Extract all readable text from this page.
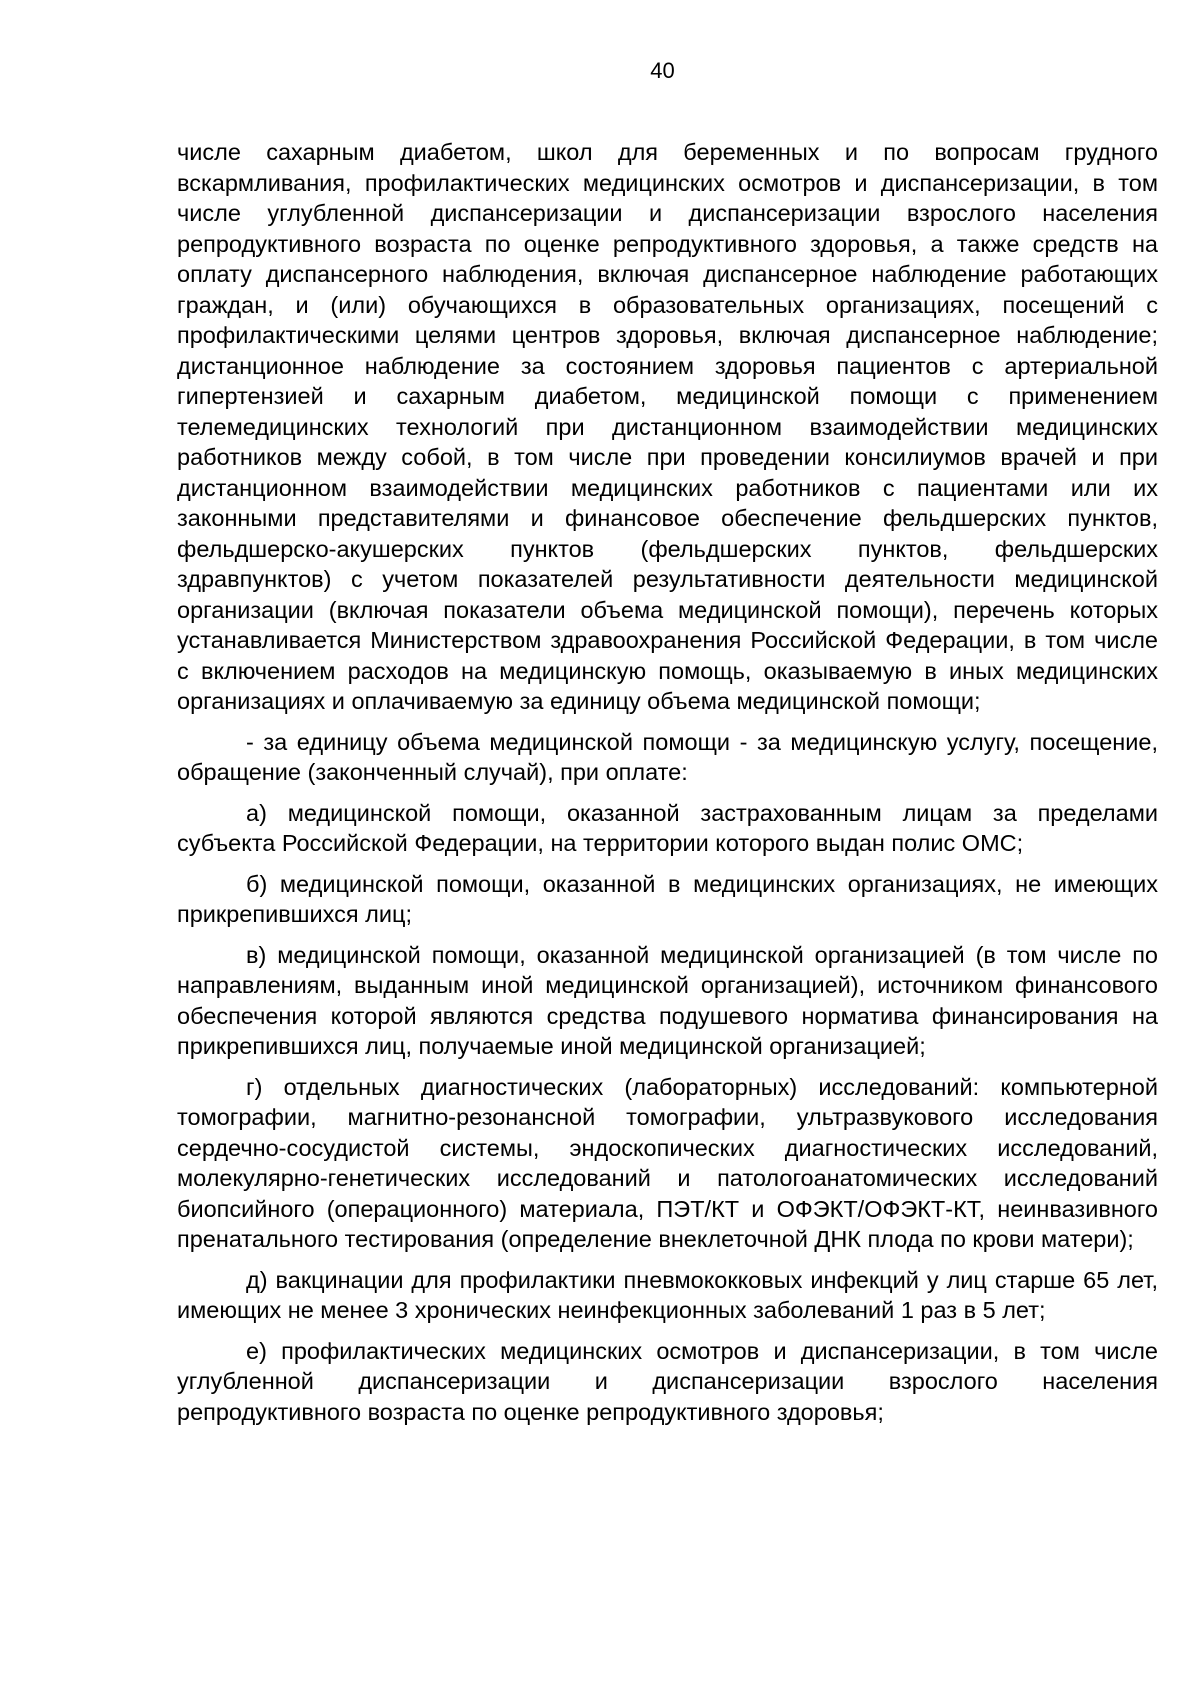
40

числе сахарным диабетом, школ для беременных и по вопросам грудного вскармливания, профилактических медицинских осмотров и диспансеризации, в том числе углубленной диспансеризации и диспансеризации взрослого населения репродуктивного возраста по оценке репродуктивного здоровья, а также средств на оплату диспансерного наблюдения, включая диспансерное наблюдение работающих граждан, и (или) обучающихся в образовательных организациях, посещений с профилактическими целями центров здоровья, включая диспансерное наблюдение; дистанционное наблюдение за состоянием здоровья пациентов с артериальной гипертензией и сахарным диабетом, медицинской помощи с применением телемедицинских технологий при дистанционном взаимодействии медицинских работников между собой, в том числе при проведении консилиумов врачей и при дистанционном взаимодействии медицинских работников с пациентами или их законными представителями и финансовое обеспечение фельдшерских пунктов, фельдшерско-акушерских пунктов (фельдшерских пунктов, фельдшерских здравпунктов) с учетом показателей результативности деятельности медицинской организации (включая показатели объема медицинской помощи), перечень которых устанавливается Министерством здравоохранения Российской Федерации, в том числе с включением расходов на медицинскую помощь, оказываемую в иных медицинских организациях и оплачиваемую за единицу объема медицинской помощи;

- за единицу объема медицинской помощи - за медицинскую услугу, посещение, обращение (законченный случай), при оплате:

а) медицинской помощи, оказанной застрахованным лицам за пределами субъекта Российской Федерации, на территории которого выдан полис ОМС;

б) медицинской помощи, оказанной в медицинских организациях, не имеющих прикрепившихся лиц;

в) медицинской помощи, оказанной медицинской организацией (в том числе по направлениям, выданным иной медицинской организацией), источником финансового обеспечения которой являются средства подушевого норматива финансирования на прикрепившихся лиц, получаемые иной медицинской организацией;

г) отдельных диагностических (лабораторных) исследований: компьютерной томографии, магнитно-резонансной томографии, ультразвукового исследования сердечно-сосудистой системы, эндоскопических диагностических исследований, молекулярно-генетических исследований и патологоанатомических исследований биопсийного (операционного) материала, ПЭТ/КТ и ОФЭКТ/ОФЭКТ-КТ, неинвазивного пренатального тестирования (определение внеклеточной ДНК плода по крови матери);

д) вакцинации для профилактики пневмококковых инфекций у лиц старше 65 лет, имеющих не менее 3 хронических неинфекционных заболеваний 1 раз в 5 лет;

е) профилактических медицинских осмотров и диспансеризации, в том числе углубленной диспансеризации и диспансеризации взрослого населения репродуктивного возраста по оценке репродуктивного здоровья;
